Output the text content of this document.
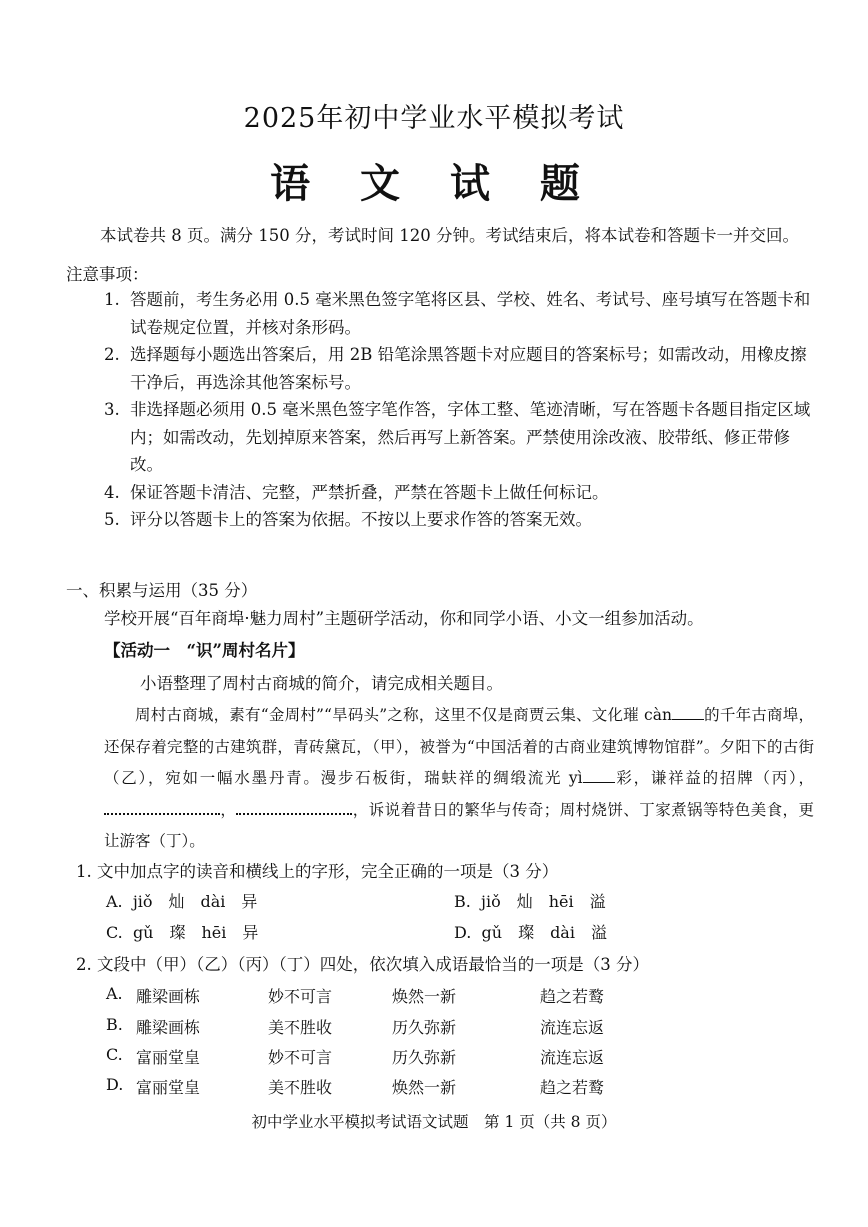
2025年初中学业水平模拟考试
语 文 试 题
本试卷共 8 页。满分 150 分，考试时间 120 分钟。考试结束后，将本试卷和答题卡一并交回。
注意事项：
1. 答题前，考生务必用 0.5 毫米黑色签字笔将区县、学校、姓名、考试号、座号填写在答题卡和试卷规定位置，并核对条形码。
2. 选择题每小题选出答案后，用 2B 铅笔涂黑答题卡对应题目的答案标号；如需改动，用橡皮擦干净后，再选涂其他答案标号。
3. 非选择题必须用 0.5 毫米黑色签字笔作答，字体工整、笔迹清晰，写在答题卡各题目指定区域内；如需改动，先划掉原来答案，然后再写上新答案。严禁使用涂改液、胶带纸、修正带修改。
4. 保证答题卡清洁、完整，严禁折叠，严禁在答题卡上做任何标记。
5. 评分以答题卡上的答案为依据。不按以上要求作答的答案无效。
一、积累与运用（35 分）
学校开展“百年商埠·魅力周村”主题研学活动，你和同学小语、小文一组参加活动。
【活动一　“识”周村名片】
小语整理了周村古商城的简介，请完成相关题目。

周村古商城，素有“金周村”“旱码头”之称，这里不仅是商贾云集、文化璀 càn 的千年古商埠，还保存着完整的古建筑群，青砖黛瓦，（甲），被誉为“中国活着的古商业建筑博物馆群”。夕阳下的古街（乙），宛如一幅水墨丹青。漫步石板街，瑞蚨祥的绸缎流光 yì 彩，谦祥益的招牌（丙），，	，诉说着昔日的繁华与传奇；周村烧饼、丁家煮锅等特色美食，更让游客（丁）。

1. 文中加点字的读音和横线上的字形，完全正确的一项是（3 分）
A. jiǒ　灿　dài　异	B. jiǒ　灿　hēi　溢
C. gǔ　璨　hēi　异	D. gǔ　璨　dài　溢
2. 文段中（甲）（乙）（丙）（丁）四处，依次填入成语最恰当的一项是（3 分）
A. 雕梁画栋	妙不可言	焕然一新	趋之若鹜
B. 雕梁画栋	美不胜收	历久弥新	流连忘返
C. 富丽堂皇	妙不可言	历久弥新	流连忘返
D. 富丽堂皇	美不胜收	焕然一新	趋之若鹜
初中学业水平模拟考试语文试题　第 1 页（共 8 页）
